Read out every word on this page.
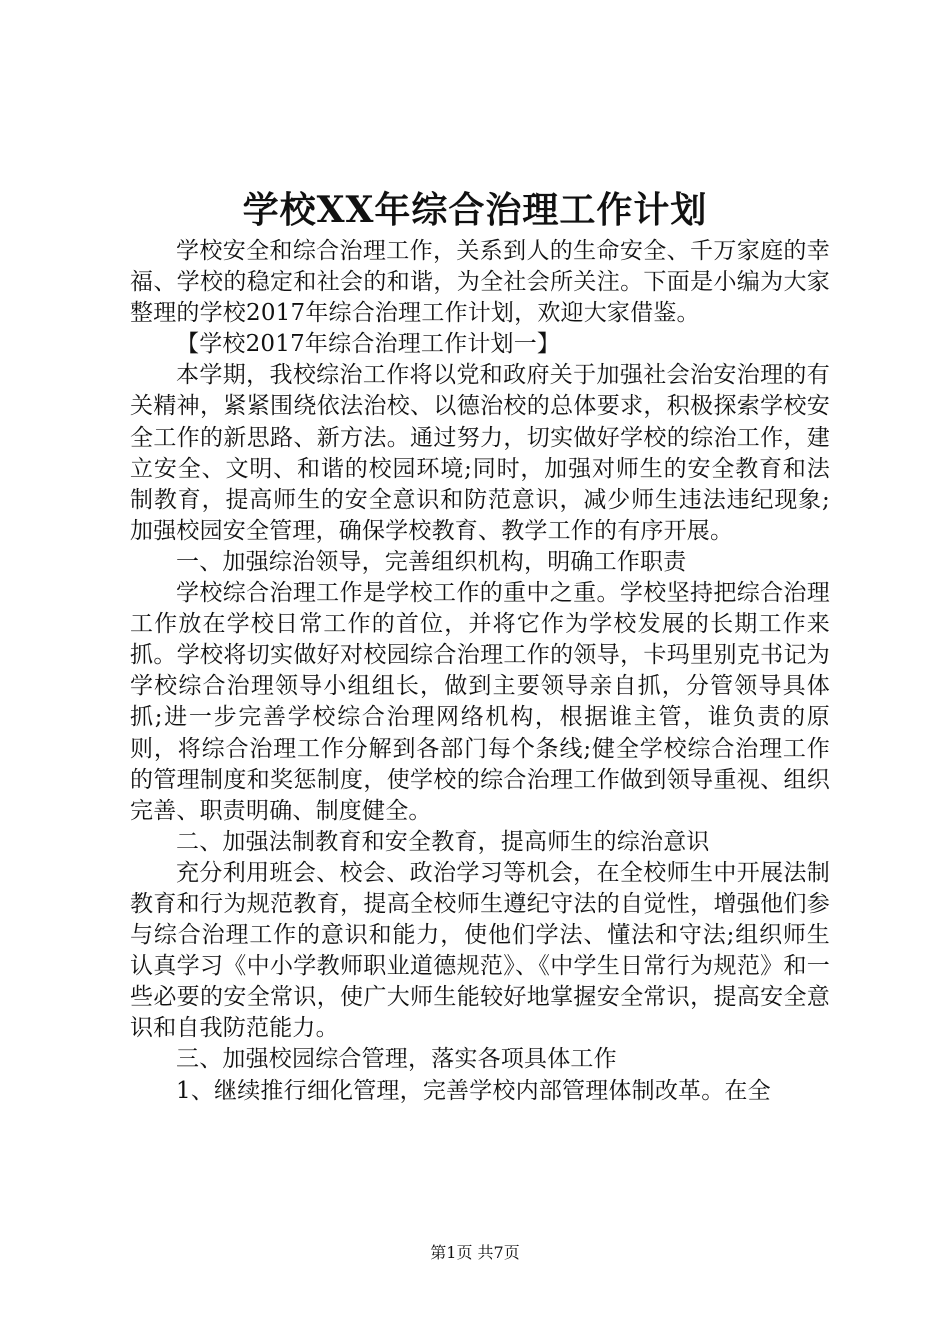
学校XX年综合治理工作计划

学校安全和综合治理工作，关系到人的生命安全、千万家庭的幸福、学校的稳定和社会的和谐，为全社会所关注。下面是小编为大家整理的学校2017年综合治理工作计划，欢迎大家借鉴。

【学校2017年综合治理工作计划一】

本学期，我校综治工作将以党和政府关于加强社会治安治理的有关精神，紧紧围绕依法治校、以德治校的总体要求，积极探索学校安全工作的新思路、新方法。通过努力，切实做好学校的综治工作，建立安全、文明、和谐的校园环境;同时，加强对师生的安全教育和法制教育，提高师生的安全意识和防范意识，减少师生违法违纪现象;加强校园安全管理，确保学校教育、教学工作的有序开展。

一、加强综治领导，完善组织机构，明确工作职责

学校综合治理工作是学校工作的重中之重。学校坚持把综合治理工作放在学校日常工作的首位，并将它作为学校发展的长期工作来抓。学校将切实做好对校园综合治理工作的领导，卡玛里别克书记为学校综合治理领导小组组长，做到主要领导亲自抓，分管领导具体抓;进一步完善学校综合治理网络机构，根据谁主管，谁负责的原则，将综合治理工作分解到各部门每个条线;健全学校综合治理工作的管理制度和奖惩制度，使学校的综合治理工作做到领导重视、组织完善、职责明确、制度健全。

二、加强法制教育和安全教育，提高师生的综治意识

充分利用班会、校会、政治学习等机会，在全校师生中开展法制教育和行为规范教育，提高全校师生遵纪守法的自觉性，增强他们参与综合治理工作的意识和能力，使他们学法、懂法和守法;组织师生认真学习《中小学教师职业道德规范》、《中学生日常行为规范》和一些必要的安全常识，使广大师生能较好地掌握安全常识，提高安全意识和自我防范能力。

三、加强校园综合管理，落实各项具体工作

1、继续推行细化管理，完善学校内部管理体制改革。在全

第1页 共7页
